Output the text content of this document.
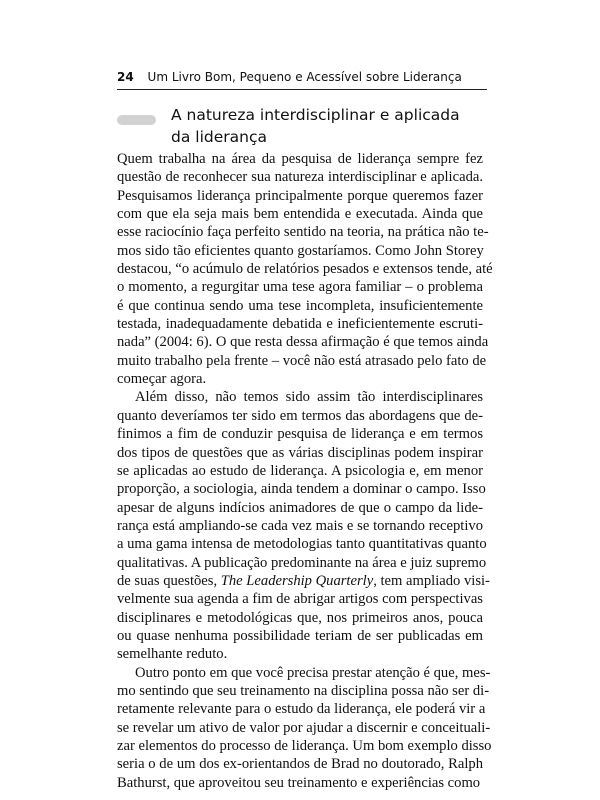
24 Um Livro Bom, Pequeno e Acessível sobre Liderança
A natureza interdisciplinar e aplicada
da liderança
Quem trabalha na área da pesquisa de liderança sempre fez
questão de reconhecer sua natureza interdisciplinar e aplicada.
Pesquisamos liderança principalmente porque queremos fazer
com que ela seja mais bem entendida e executada. Ainda que
esse raciocínio faça perfeito sentido na teoria, na prática não te-
mos sido tão eficientes quanto gostaríamos. Como John Storey
destacou, “o acúmulo de relatórios pesados e extensos tende, até
o momento, a regurgitar uma tese agora familiar – o problema
é que continua sendo uma tese incompleta, insuficientemente
testada, inadequadamente debatida e ineficientemente escruti-
nada” (2004: 6). O que resta dessa afirmação é que temos ainda
muito trabalho pela frente – você não está atrasado pelo fato de
começar agora.
Além disso, não temos sido assim tão interdisciplinares
quanto deveríamos ter sido em termos das abordagens que de-
finimos a fim de conduzir pesquisa de liderança e em termos
dos tipos de questões que as várias disciplinas podem inspirar
se aplicadas ao estudo de liderança. A psicologia e, em menor
proporção, a sociologia, ainda tendem a dominar o campo. Isso
apesar de alguns indícios animadores de que o campo da lide-
rança está ampliando-se cada vez mais e se tornando receptivo
a uma gama intensa de metodologias tanto quantitativas quanto
qualitativas. A publicação predominante na área e juiz supremo
de suas questões, The Leadership Quarterly, tem ampliado visi-
velmente sua agenda a fim de abrigar artigos com perspectivas
disciplinares e metodológicas que, nos primeiros anos, pouca
ou quase nenhuma possibilidade teriam de ser publicadas em
semelhante reduto.
Outro ponto em que você precisa prestar atenção é que, mes-
mo sentindo que seu treinamento na disciplina possa não ser di-
retamente relevante para o estudo da liderança, ele poderá vir a
se revelar um ativo de valor por ajudar a discernir e conceituali-
zar elementos do processo de liderança. Um bom exemplo disso
seria o de um dos ex-orientandos de Brad no doutorado, Ralph
Bathurst, que aproveitou seu treinamento e experiências como
